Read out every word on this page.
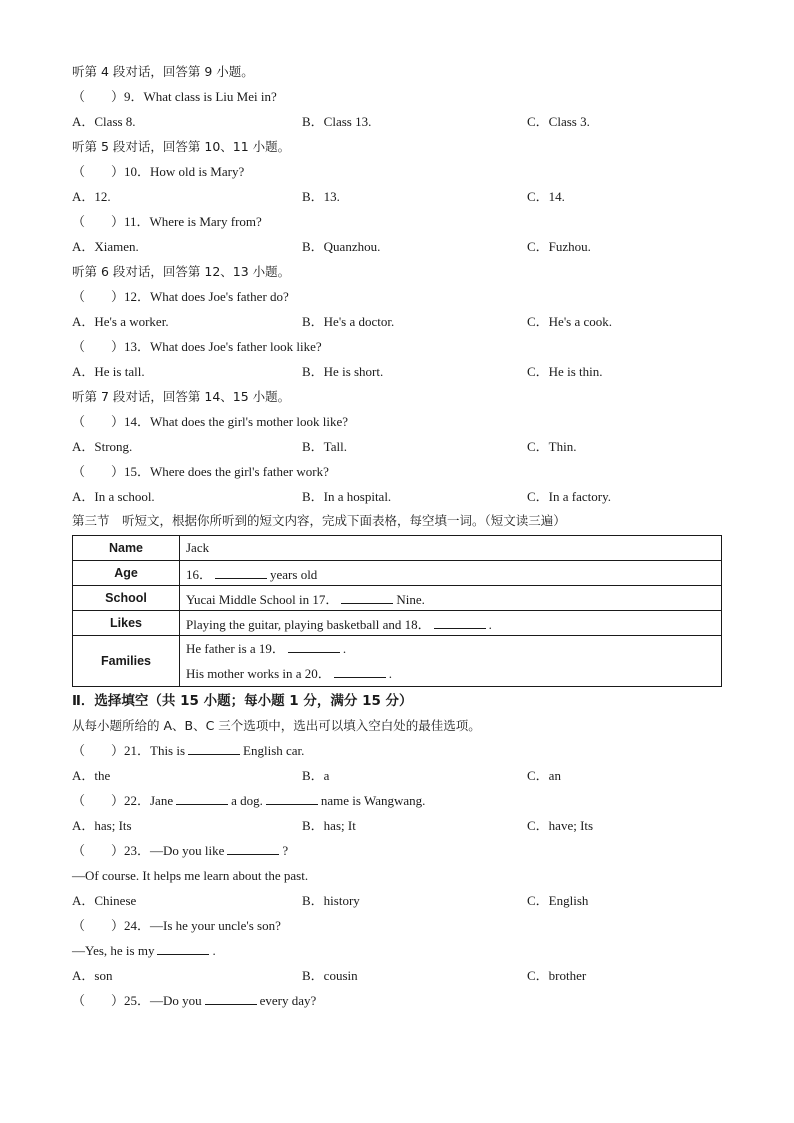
听第 4 段对话，回答第 9 小题。
（　　）9．What class is Liu Mei in?
A．Class 8.	B．Class 13.	C．Class 3.
听第 5 段对话，回答第 10、11 小题。
（　　）10．How old is Mary?
A．12.	B．13.	C．14.
（　　）11．Where is Mary from?
A．Xiamen.	B．Quanzhou.	C．Fuzhou.
听第 6 段对话，回答第 12、13 小题。
（　　）12．What does Joe's father do?
A．He's a worker.	B．He's a doctor.	C．He's a cook.
（　　）13．What does Joe's father look like?
A．He is tall.	B．He is short.	C．He is thin.
听第 7 段对话，回答第 14、15 小题。
（　　）14．What does the girl's mother look like?
A．Strong.	B．Tall.	C．Thin.
（　　）15．Where does the girl's father work?
A．In a school.	B．In a hospital.	C．In a factory.
第三节　听短文，根据你所听到的短文内容，完成下面表格，每空填一词。（短文读三遍）
Name	Jack
Age	16． years old
School	Yucai Middle School in 17． Nine.
Likes	Playing the guitar, playing basketball and 18． .
Families	He father is a 19． .
His mother works in a 20． .
Ⅱ．选择填空（共 15 小题；每小题 1 分，满分 15 分）
从每小题所给的 A、B、C 三个选项中，选出可以填入空白处的最佳选项。
（　　）21．This is	English car.
A．the	B．a	C．an
（　　）22．Jane	a dog.	name is Wangwang.
A．has; Its	B．has; It	C．have; Its
（　　）23．—Do you like	?
—Of course. It helps me learn about the past.
A．Chinese	B．history	C．English
（　　）24．—Is he your uncle's son?
—Yes, he is my	.
A．son	B．cousin	C．brother
（　　）25．—Do you	every day?
